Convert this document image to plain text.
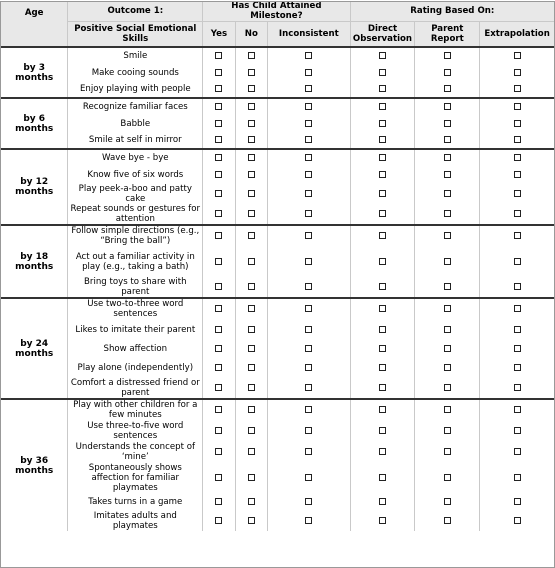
Age	Outcome 1:	Has Child Attained Milestone?			Rating Based On:		
	Positive Social Emotional Skills	Yes	No	Inconsistent	Direct Observation	Parent Report	Extrapolation
by 3 months	Smile						
	Make cooing sounds						
	Enjoy playing with people						
by 6 months	Recognize familiar faces						
	Babble						
	Smile at self in mirror						
by 12 months	Wave bye - bye						
	Know five of six words						
	Play peek-a-boo and patty cake						
	Repeat sounds or gestures for attention						
by 18 months	Follow simple directions (e.g., “Bring the ball”)						
	Act out a familiar activity in play (e.g., taking a bath)						
	Bring toys to share with parent						
by 24 months	Use two-to-three word sentences						
	Likes to imitate their parent						
	Show affection						
	Play alone (independently)						
	Comfort a distressed friend or parent						
by 36 months	Play with other children for a few minutes						
	Use three-to-five word sentences						
	Understands the concept of ‘mine’						
	Spontaneously shows affection for familiar playmates						
	Takes turns in a game						
	Imitates adults and playmates						
